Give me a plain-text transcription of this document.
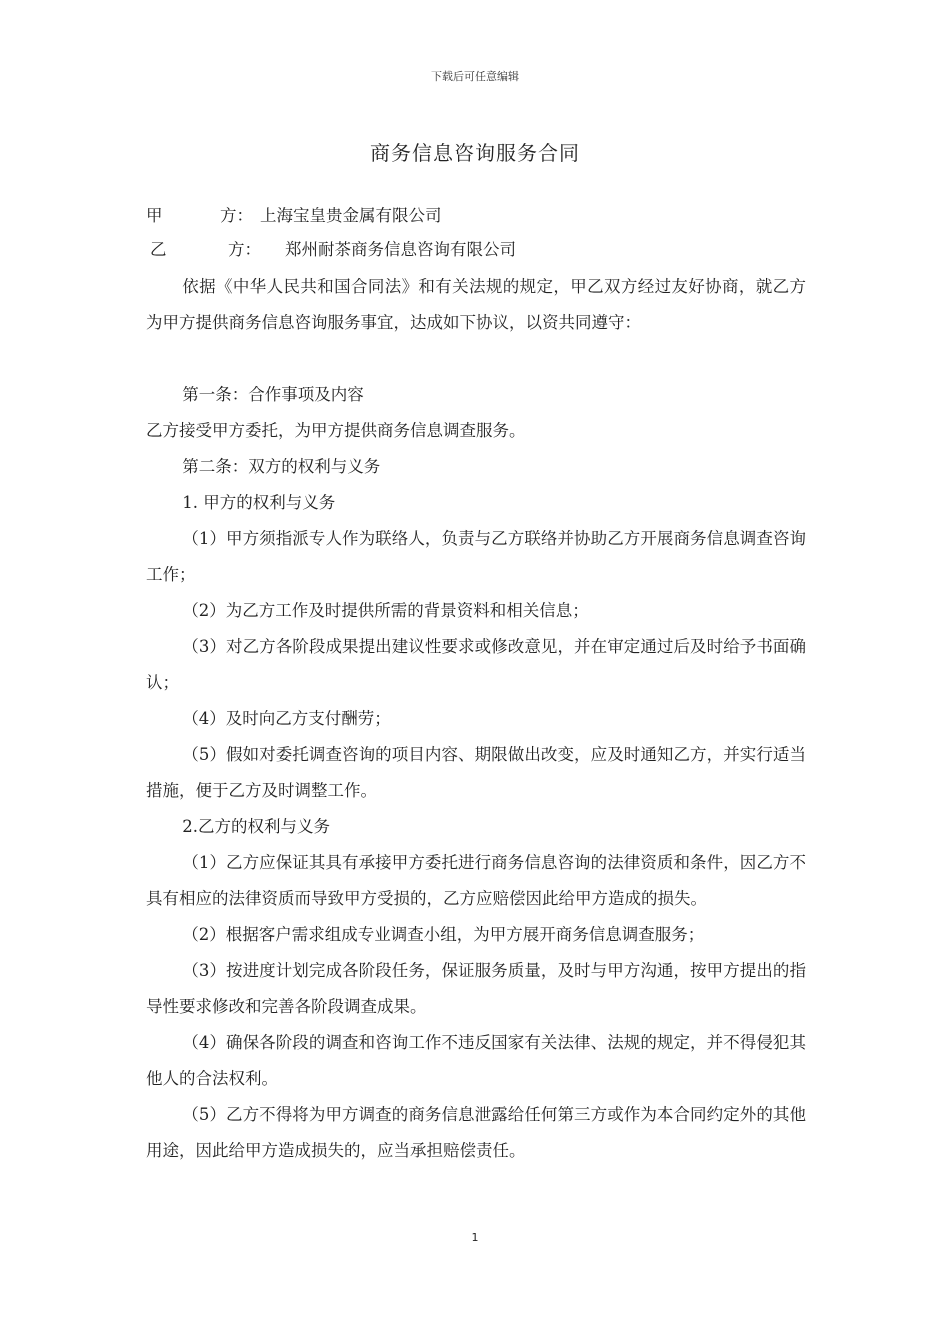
下载后可任意编辑
商务信息咨询服务合同
甲	方： 上海宝皇贵金属有限公司
乙	方： 郑州耐茶商务信息咨询有限公司

依据《中华人民共和国合同法》和有关法规的规定，甲乙双方经过友好协商，就乙方为甲方提供商务信息咨询服务事宜，达成如下协议，以资共同遵守：

第一条：合作事项及内容

乙方接受甲方委托，为甲方提供商务信息调查服务。

第二条：双方的权利与义务

1. 甲方的权利与义务

（1）甲方须指派专人作为联络人，负责与乙方联络并协助乙方开展商务信息调查咨询工作；

（2）为乙方工作及时提供所需的背景资料和相关信息；

（3）对乙方各阶段成果提出建议性要求或修改意见，并在审定通过后及时给予书面确认；

（4）及时向乙方支付酬劳；

（5）假如对委托调查咨询的项目内容、期限做出改变，应及时通知乙方，并实行适当措施，便于乙方及时调整工作。

2.乙方的权利与义务

（1）乙方应保证其具有承接甲方委托进行商务信息咨询的法律资质和条件，因乙方不具有相应的法律资质而导致甲方受损的，乙方应赔偿因此给甲方造成的损失。

（2）根据客户需求组成专业调查小组，为甲方展开商务信息调查服务；

（3）按进度计划完成各阶段任务，保证服务质量，及时与甲方沟通，按甲方提出的指导性要求修改和完善各阶段调查成果。

（4）确保各阶段的调查和咨询工作不违反国家有关法律、法规的规定，并不得侵犯其他人的合法权利。

（5）乙方不得将为甲方调查的商务信息泄露给任何第三方或作为本合同约定外的其他用途，因此给甲方造成损失的，应当承担赔偿责任。

1
